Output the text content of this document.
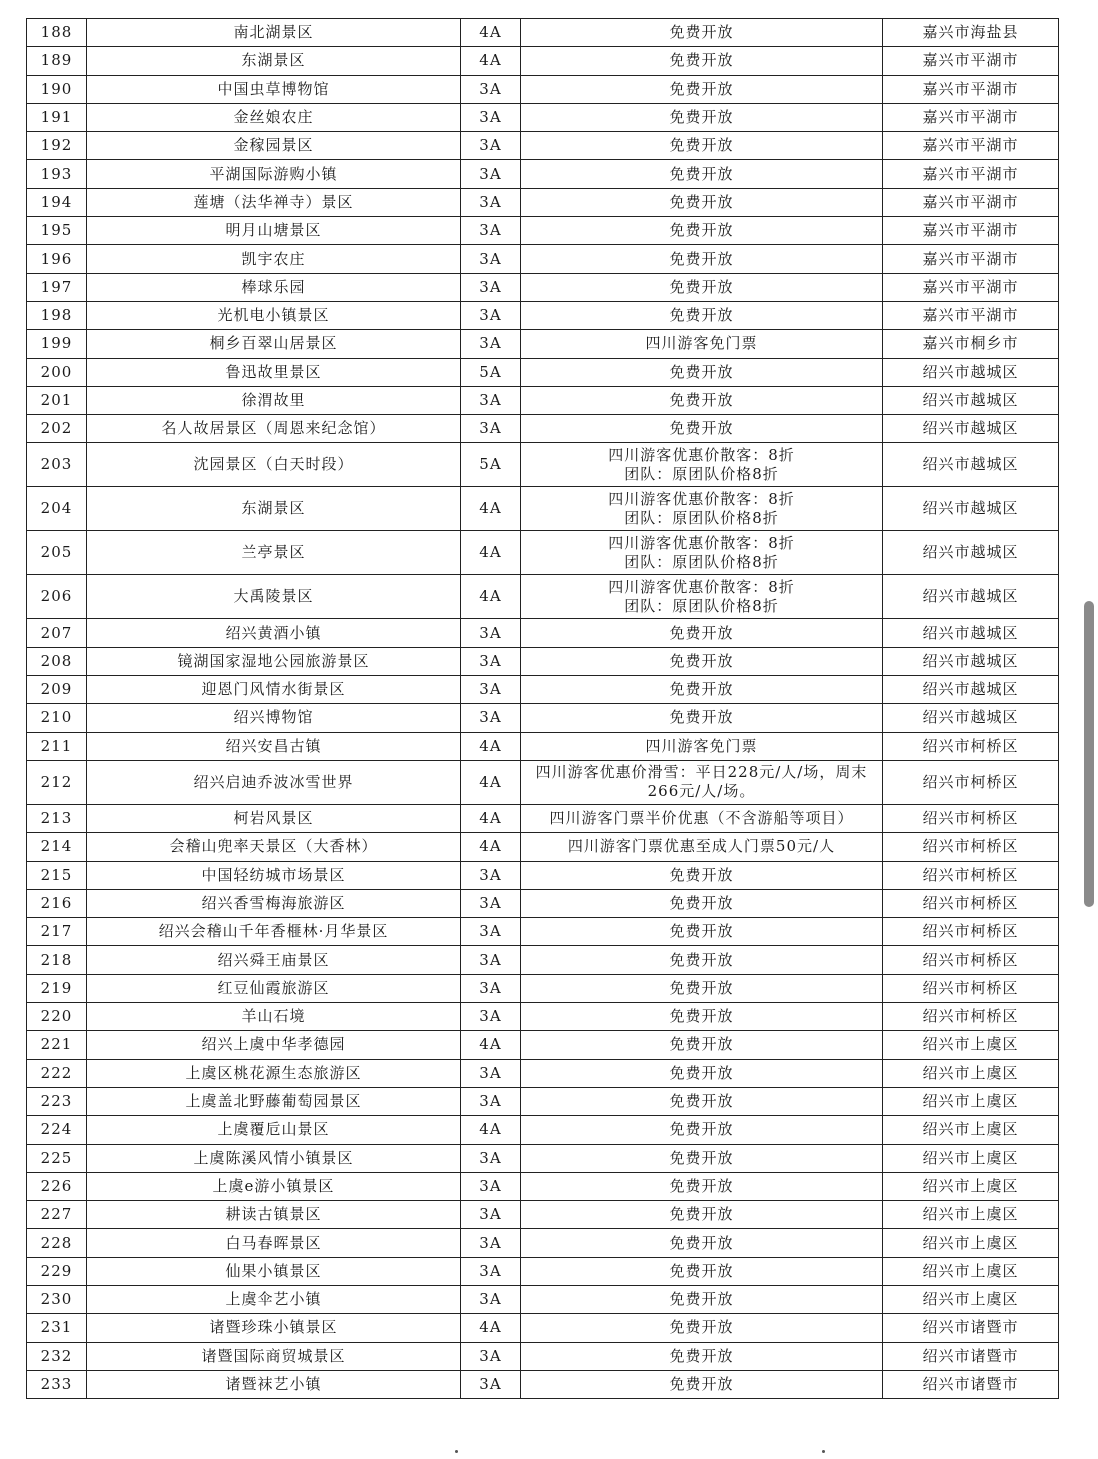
188	南北湖景区	4A	免费开放	嘉兴市海盐县
189	东湖景区	4A	免费开放	嘉兴市平湖市
190	中国虫草博物馆	3A	免费开放	嘉兴市平湖市
191	金丝娘农庄	3A	免费开放	嘉兴市平湖市
192	金稼园景区	3A	免费开放	嘉兴市平湖市
193	平湖国际游购小镇	3A	免费开放	嘉兴市平湖市
194	莲塘（法华禅寺）景区	3A	免费开放	嘉兴市平湖市
195	明月山塘景区	3A	免费开放	嘉兴市平湖市
196	凯宇农庄	3A	免费开放	嘉兴市平湖市
197	棒球乐园	3A	免费开放	嘉兴市平湖市
198	光机电小镇景区	3A	免费开放	嘉兴市平湖市
199	桐乡百翠山居景区	3A	四川游客免门票	嘉兴市桐乡市
200	鲁迅故里景区	5A	免费开放	绍兴市越城区
201	徐渭故里	3A	免费开放	绍兴市越城区
202	名人故居景区（周恩来纪念馆）	3A	免费开放	绍兴市越城区
203	沈园景区（白天时段）	5A	四川游客优惠价散客：8折
团队：原团队价格8折	绍兴市越城区
204	东湖景区	4A	四川游客优惠价散客：8折
团队：原团队价格8折	绍兴市越城区
205	兰亭景区	4A	四川游客优惠价散客：8折
团队：原团队价格8折	绍兴市越城区
206	大禹陵景区	4A	四川游客优惠价散客：8折
团队：原团队价格8折	绍兴市越城区
207	绍兴黄酒小镇	3A	免费开放	绍兴市越城区
208	镜湖国家湿地公园旅游景区	3A	免费开放	绍兴市越城区
209	迎恩门风情水街景区	3A	免费开放	绍兴市越城区
210	绍兴博物馆	3A	免费开放	绍兴市越城区
211	绍兴安昌古镇	4A	四川游客免门票	绍兴市柯桥区
212	绍兴启迪乔波冰雪世界	4A	四川游客优惠价滑雪：平日228元/人/场，周末
266元/人/场。	绍兴市柯桥区
213	柯岩风景区	4A	四川游客门票半价优惠（不含游船等项目）	绍兴市柯桥区
214	会稽山兜率天景区（大香林）	4A	四川游客门票优惠至成人门票50元/人	绍兴市柯桥区
215	中国轻纺城市场景区	3A	免费开放	绍兴市柯桥区
216	绍兴香雪梅海旅游区	3A	免费开放	绍兴市柯桥区
217	绍兴会稽山千年香榧林·月华景区	3A	免费开放	绍兴市柯桥区
218	绍兴舜王庙景区	3A	免费开放	绍兴市柯桥区
219	红豆仙霞旅游区	3A	免费开放	绍兴市柯桥区
220	羊山石境	3A	免费开放	绍兴市柯桥区
221	绍兴上虞中华孝德园	4A	免费开放	绍兴市上虞区
222	上虞区桃花源生态旅游区	3A	免费开放	绍兴市上虞区
223	上虞盖北野藤葡萄园景区	3A	免费开放	绍兴市上虞区
224	上虞覆卮山景区	4A	免费开放	绍兴市上虞区
225	上虞陈溪风情小镇景区	3A	免费开放	绍兴市上虞区
226	上虞e游小镇景区	3A	免费开放	绍兴市上虞区
227	耕读古镇景区	3A	免费开放	绍兴市上虞区
228	白马春晖景区	3A	免费开放	绍兴市上虞区
229	仙果小镇景区	3A	免费开放	绍兴市上虞区
230	上虞伞艺小镇	3A	免费开放	绍兴市上虞区
231	诸暨珍珠小镇景区	4A	免费开放	绍兴市诸暨市
232	诸暨国际商贸城景区	3A	免费开放	绍兴市诸暨市
233	诸暨袜艺小镇	3A	免费开放	绍兴市诸暨市
